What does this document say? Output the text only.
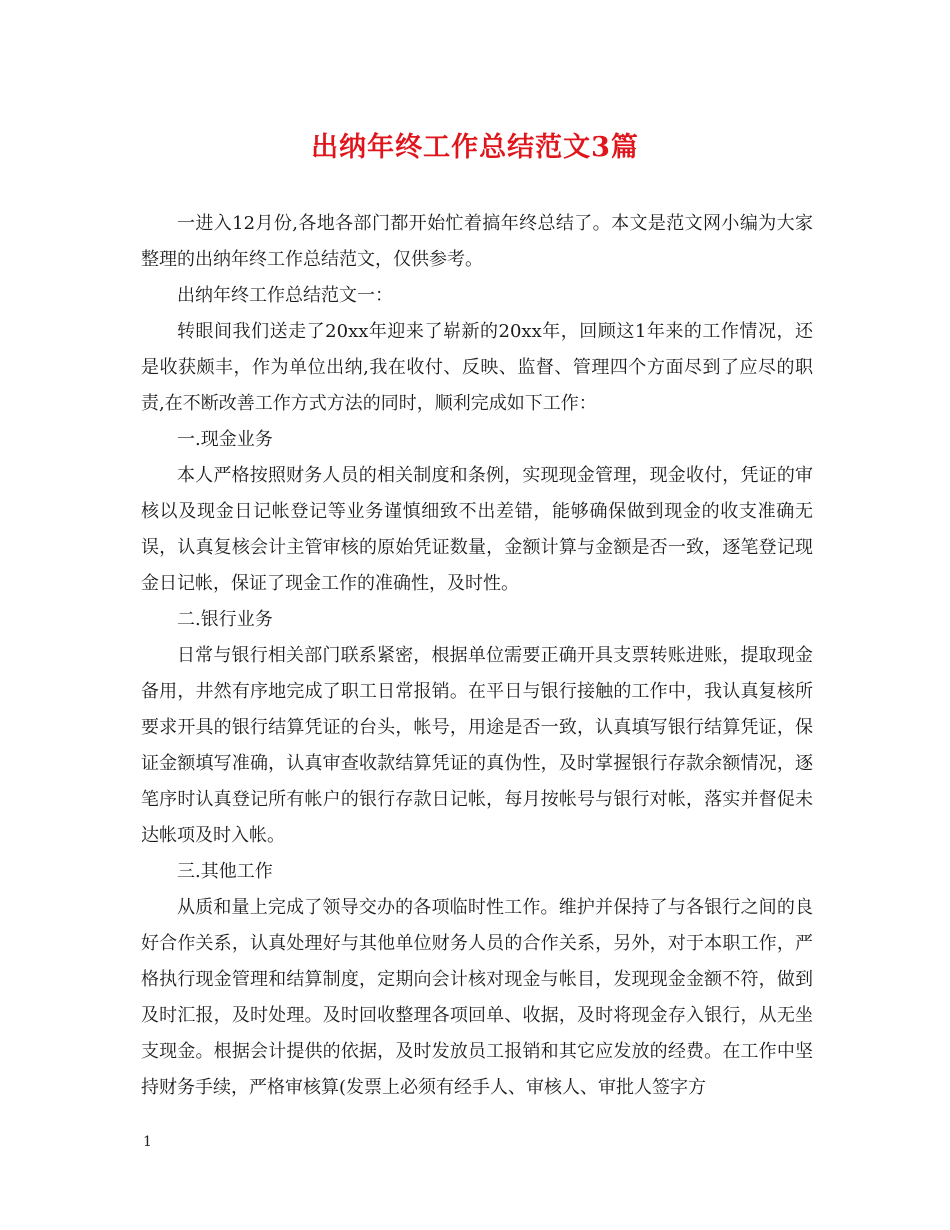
出纳年终工作总结范文3篇

一进入12月份,各地各部门都开始忙着搞年终总结了。本文是范文网小编为大家整理的出纳年终工作总结范文，仅供参考。

出纳年终工作总结范文一：

转眼间我们送走了20xx年迎来了崭新的20xx年，回顾这1年来的工作情况，还是收获颇丰，作为单位出纳,我在收付、反映、监督、管理四个方面尽到了应尽的职责,在不断改善工作方式方法的同时，顺利完成如下工作：

一.现金业务

本人严格按照财务人员的相关制度和条例，实现现金管理，现金收付，凭证的审核以及现金日记帐登记等业务谨慎细致不出差错，能够确保做到现金的收支准确无误，认真复核会计主管审核的原始凭证数量，金额计算与金额是否一致，逐笔登记现金日记帐，保证了现金工作的准确性，及时性。

二.银行业务

日常与银行相关部门联系紧密，根据单位需要正确开具支票转账进账，提取现金备用，井然有序地完成了职工日常报销。在平日与银行接触的工作中，我认真复核所要求开具的银行结算凭证的台头，帐号，用途是否一致，认真填写银行结算凭证，保证金额填写准确，认真审查收款结算凭证的真伪性，及时掌握银行存款余额情况，逐笔序时认真登记所有帐户的银行存款日记帐，每月按帐号与银行对帐，落实并督促未达帐项及时入帐。

三.其他工作

从质和量上完成了领导交办的各项临时性工作。维护并保持了与各银行之间的良好合作关系，认真处理好与其他单位财务人员的合作关系，另外，对于本职工作，严格执行现金管理和结算制度，定期向会计核对现金与帐目，发现现金金额不符，做到及时汇报，及时处理。及时回收整理各项回单、收据，及时将现金存入银行，从无坐支现金。根据会计提供的依据，及时发放员工报销和其它应发放的经费。在工作中坚持财务手续，严格审核算(发票上必须有经手人、审核人、审批人签字方

1
